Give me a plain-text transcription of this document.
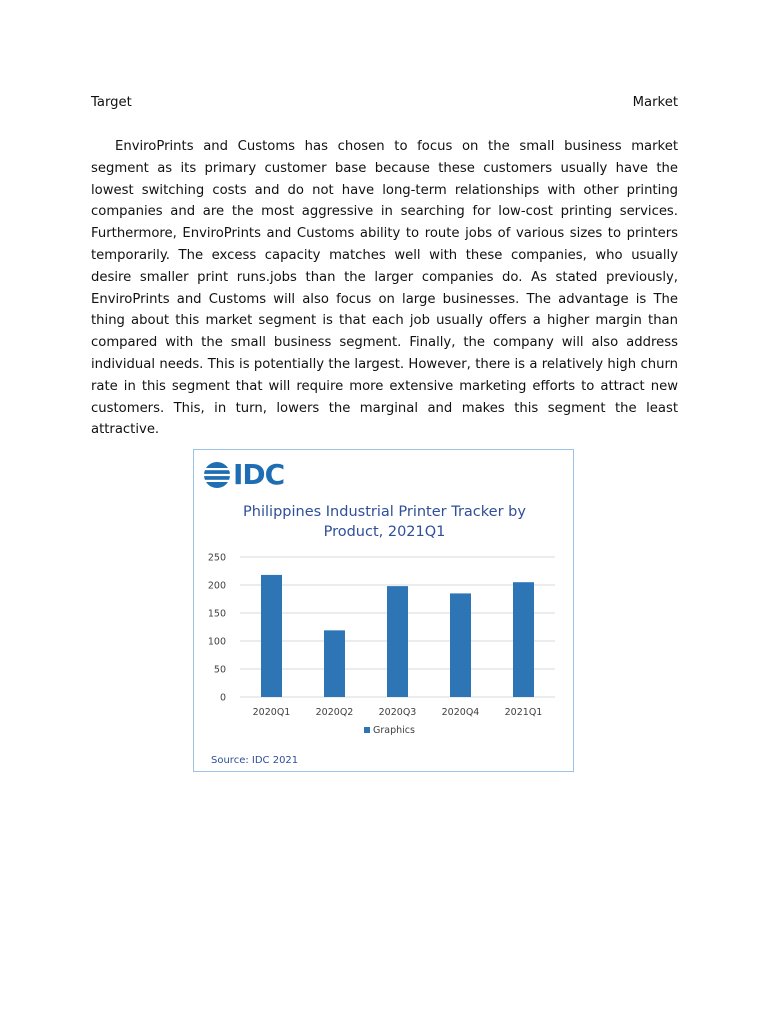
Target	Market

EnviroPrints and Customs has chosen to focus on the small business market segment as its primary customer base because these customers usually have the lowest switching costs and do not have long-term relationships with other printing companies and are the most aggressive in searching for low-cost printing services. Furthermore, EnviroPrints and Customs ability to route jobs of various sizes to printers temporarily. The excess capacity matches well with these companies, who usually desire smaller print runs.jobs than the larger companies do. As stated previously, EnviroPrints and Customs will also focus on large businesses. The advantage is The thing about this market segment is that each job usually offers a higher margin than compared with the small business segment. Finally, the company will also address individual needs. This is potentially the largest. However, there is a relatively high churn rate in this segment that will require more extensive marketing efforts to attract new customers. This, in turn, lowers the marginal and makes this segment the least attractive.

IDC
Philippines Industrial Printer Tracker by
Product, 2021Q1
0
50
100
150
200
250
2020Q1	2020Q2	2020Q3	2020Q4	2021Q1
Graphics
Source: IDC 2021
